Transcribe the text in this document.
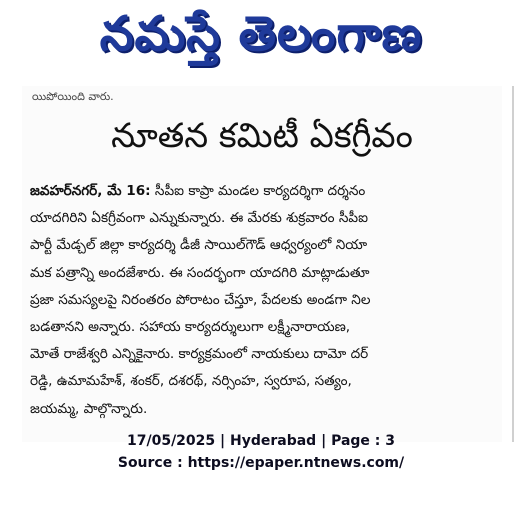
నమస్తే తెలంగాణ
యిపోయింది వారు.
నూతన కమిటీ ఏకగ్రీవం
జవహర్‌నగర్, మే 16: సీపీఐ కాప్రా మండల కార్యదర్శిగా దర్శనం
యాదగిరిని ఏకగ్రీవంగా ఎన్నుకున్నారు. ఈ మేరకు శుక్రవారం సీపీఐ
పార్టీ మేడ్చల్ జిల్లా కార్యదర్శి డీజీ సాయిల్‌గౌడ్ ఆధ్వర్యంలో నియా
మక పత్రాన్ని అందజేశారు. ఈ సందర్భంగా యాదగిరి మాట్లాడుతూ
ప్రజా సమస్యలపై నిరంతరం పోరాటం చేస్తూ, పేదలకు అండగా నిల
బడతానని అన్నారు. సహాయ కార్యదర్శులుగా లక్ష్మీనారాయణ,
మోతే రాజేశ్వరి ఎన్నికైనారు. కార్యక్రమంలో నాయకులు దామో దర్
రెడ్డి, ఉమామహేశ్, శంకర్, దశరథ్, నర్సింహ, స్వరూప, సత్యం,
జయమ్మ, పాల్గొన్నారు.
17/05/2025 | Hyderabad | Page : 3
Source : https://epaper.ntnews.com/
